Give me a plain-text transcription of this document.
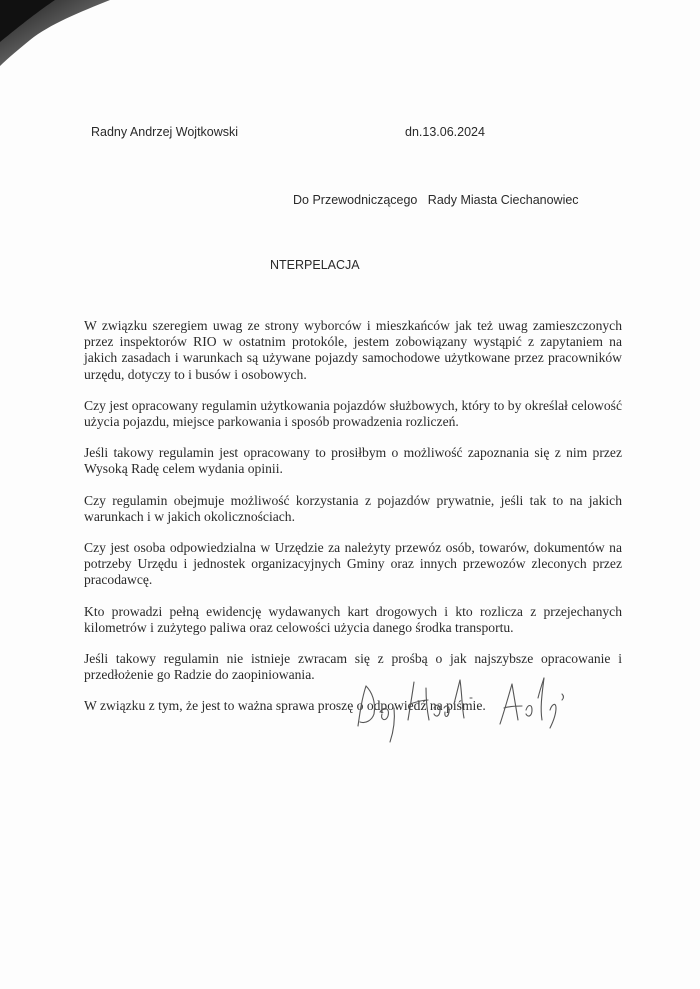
Radny Andrzej Wojtkowski	dn.13.06.2024
Do Przewodniczącego   Rady Miasta Ciechanowiec
NTERPELACJA

W związku szeregiem uwag ze strony wyborców i mieszkańców jak też uwag zamieszczonych przez inspektorów RIO w ostatnim protokóle, jestem zobowiązany wystąpić z zapytaniem na jakich zasadach i warunkach są używane pojazdy samochodowe użytkowane przez pracowników urzędu, dotyczy to i busów i osobowych.

Czy jest opracowany regulamin użytkowania pojazdów służbowych, który to by określał celowość użycia pojazdu, miejsce parkowania i sposób prowadzenia rozliczeń.

Jeśli takowy regulamin jest opracowany to prosiłbym o możliwość zapoznania się z nim przez Wysoką Radę celem wydania opinii.

Czy regulamin obejmuje możliwość korzystania z pojazdów prywatnie, jeśli tak to na jakich warunkach i w jakich okolicznościach.

Czy jest osoba odpowiedzialna w Urzędzie za należyty przewóz osób, towarów, dokumentów na potrzeby Urzędu i jednostek organizacyjnych Gminy oraz innych przewozów zleconych przez pracodawcę.

Kto prowadzi pełną ewidencję wydawanych kart drogowych i kto rozlicza z przejechanych kilometrów i zużytego paliwa oraz celowości użycia danego środka transportu.

Jeśli takowy regulamin nie istnieje zwracam się z prośbą o jak najszybsze opracowanie i przedłożenie go Radzie do zaopiniowania.

W związku z tym, że jest to ważna sprawa proszę o odpowiedź na piśmie.
